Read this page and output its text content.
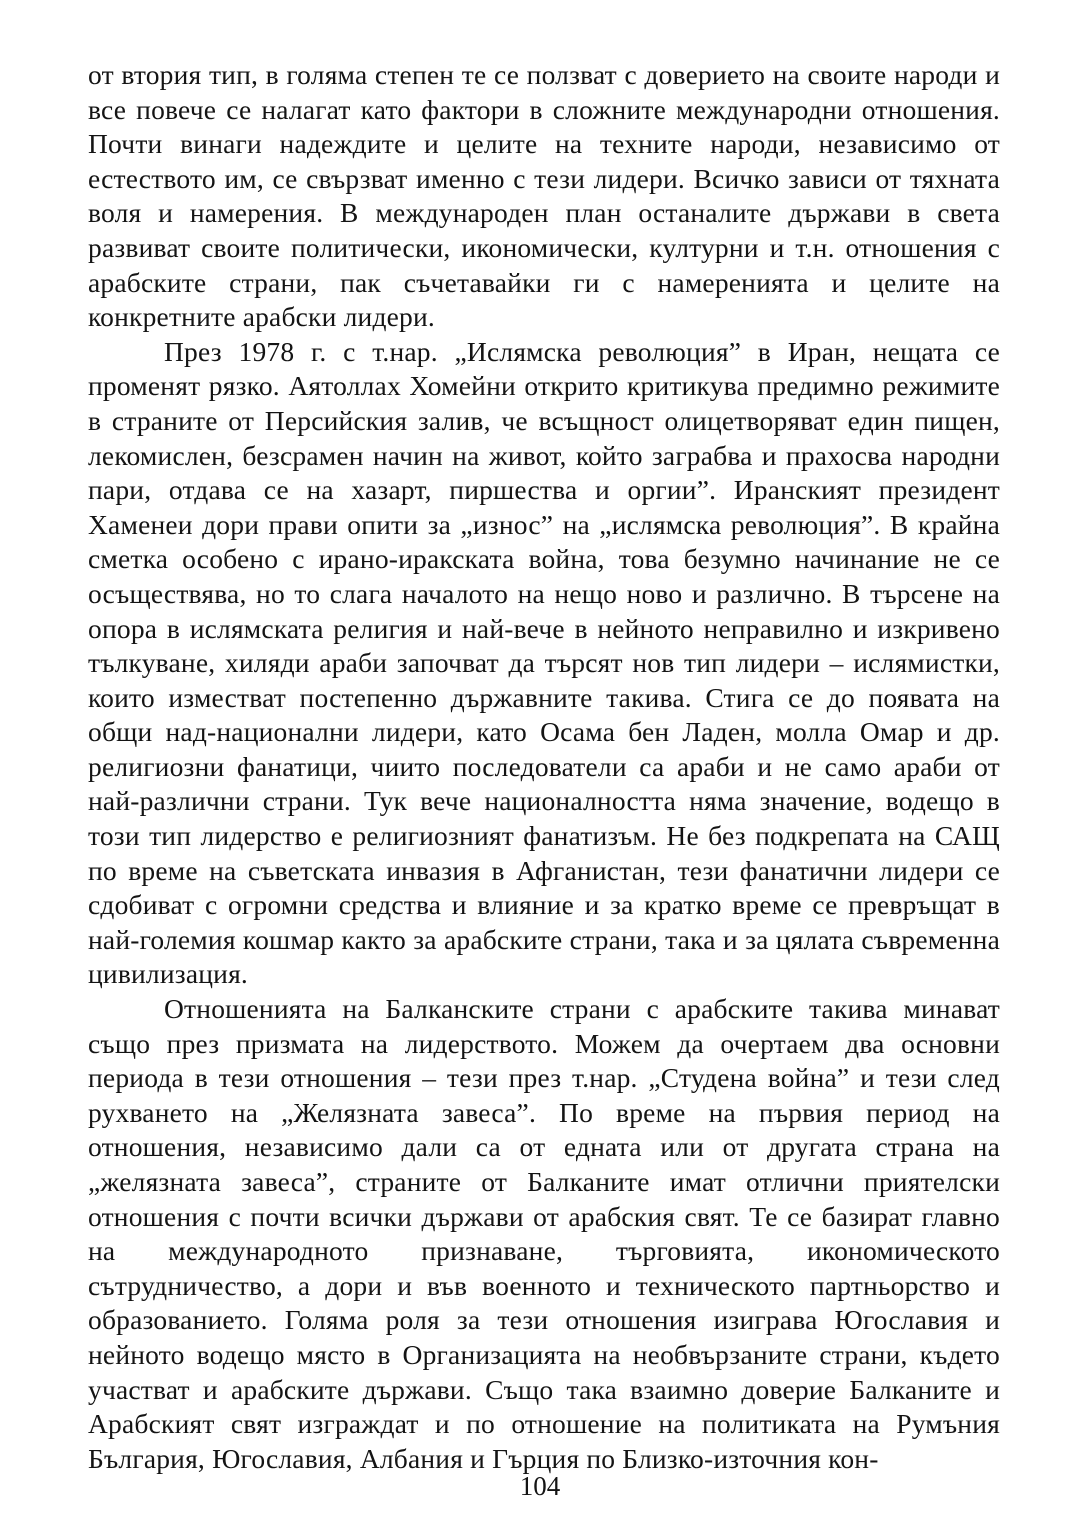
от втория тип, в голяма степен те се ползват с доверието на своите народи и все повече се налагат като фактори в сложните международни отношения. Почти винаги надеждите и целите на техните народи, независимо от естеството им, се свързват именно с тези лидери. Всичко зависи от тяхната воля и намерения. В международен план останалите държави в света развиват своите политически, икономически, културни и т.н. отношения с арабските страни, пак съчетавайки ги с намеренията и целите на конкретните арабски лидери.

През 1978 г. с т.нар. „Ислямска революция” в Иран, нещата се променят рязко. Аятоллах Хомейни открито критикува предимно режимите в страните от Персийския залив, че всъщност олицетворяват един пищен, лекомислен, безсрамен начин на живот, който заграбва и прахосва народни пари, отдава се на хазарт, пиршества и оргии”. Иранският президент Хаменеи дори прави опити за „износ” на „ислямска революция”. В крайна сметка особено с ирано-иракската война, това безумно начинание не се осъществява, но то слага началото на нещо ново и различно. В търсене на опора в ислямската религия и най-вече в нейното неправилно и изкривено тълкуване, хиляди араби започват да търсят нов тип лидери – ислямистки, които изместват постепенно държавните такива. Стига се до появата на общи над-национални лидери, като Осама бен Ладен, молла Омар и др. религиозни фанатици, чиито последователи са араби и не само араби от най-различни страни. Тук вече националността няма значение, водещо в този тип лидерство е религиозният фанатизъм. Не без подкрепата на САЩ по време на съветската инвазия в Афганистан, тези фанатични лидери се сдобиват с огромни средства и влияние и за кратко време се превръщат в най-големия кошмар както за арабските страни, така и за цялата съвременна цивилизация.

Отношенията на Балканските страни с арабските такива минават също през призмата на лидерството. Можем да очертаем два основни периода в тези отношения – тези през т.нар. „Студена война” и тези след рухването на „Желязната завеса”. По време на първия период на отношения, независимо дали са от едната или от другата страна на „желязната завеса”, страните от Балканите имат отлични приятелски отношения с почти всички държави от арабския свят. Те се базират главно на международното признаване, търговията, икономическото сътрудничество, а дори и във военното и техническото партньорство и образованието. Голяма роля за тези отношения изиграва Югославия и нейното водещо място в Организацията на необвързаните страни, където участват и арабските държави. Също така взаимно доверие Балканите и Арабският свят изграждат и по отношение на политиката на Румъния България, Югославия, Албания и Гърция по Близко-източния кон-

104
